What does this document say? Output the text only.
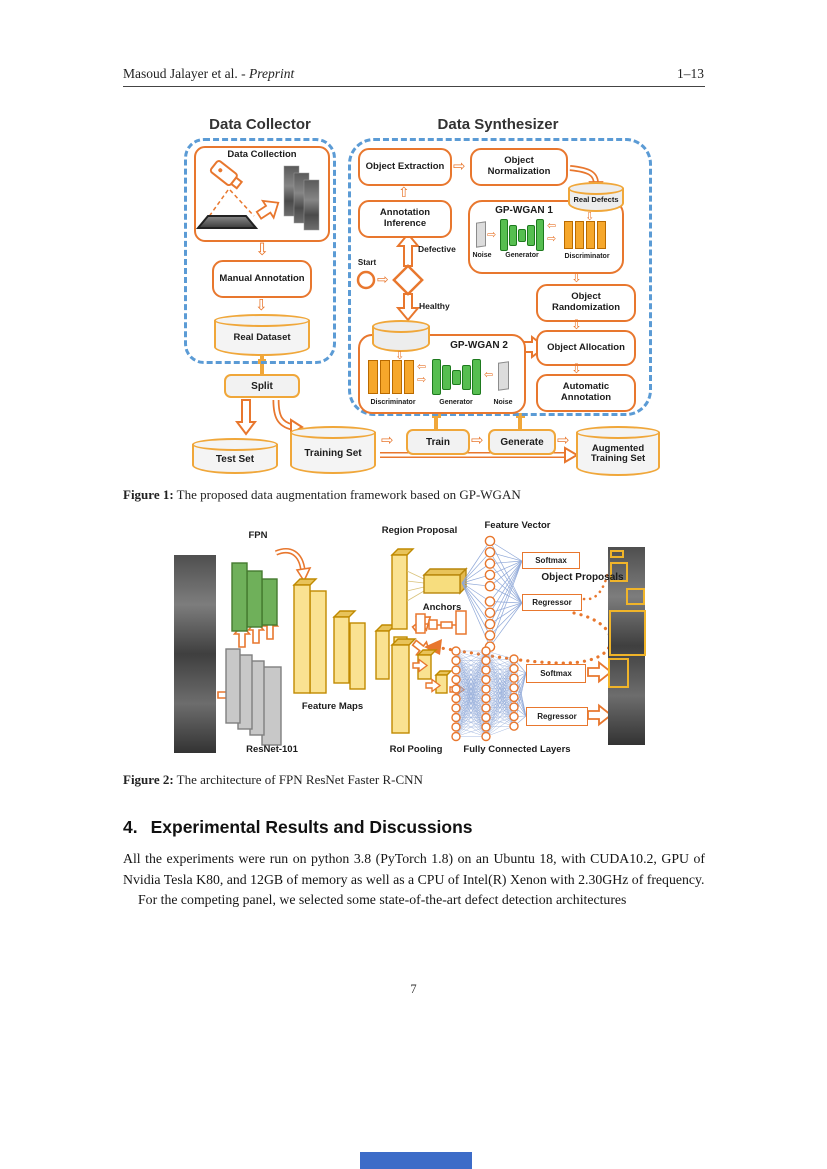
Masoud Jalayer et al. - Preprint	1–13
Data Collector	Data Synthesizer
Data Collection
⇩
Manual Annotation
⇩
Real Dataset
Split
Test Set
Training Set
Object Extraction ⇨	Object Normalization
⇧
Annotation Inference
GP-WGAN 1
⇨
⇦
⇨
Noise	Generator	Discriminator
Real Defects
⇩
⇩
Object Randomization
⇩
Object Allocation
⇩
Automatic Annotation
Start
⇨
Defective
Healthy
GP-WGAN 2
⇩
⇦
⇨
⇦
Discriminator	Generator	Noise
⇨
Train ⇨	Generate
⇨
Augmented Training Set
Figure 1: The proposed data augmentation framework based on GP-WGAN
FPN
ResNet-101
Feature Maps
Region Proposal	Feature Vector
Anchors
Object Proposals
RoI Pooling	Fully Connected Layers
Softmax
Regressor
Softmax
Regressor
Figure 2: The architecture of FPN ResNet Faster R-CNN
4. Experimental Results and Discussions

All the experiments were run on python 3.8 (PyTorch 1.8) on an Ubuntu 18, with CUDA10.2, GPU of Nvidia Tesla K80, and 12GB of memory as well as a CPU of Intel(R) Xenon with 2.30GHz of frequency.

For the competing panel, we selected some state-of-the-art defect detection architectures

7
